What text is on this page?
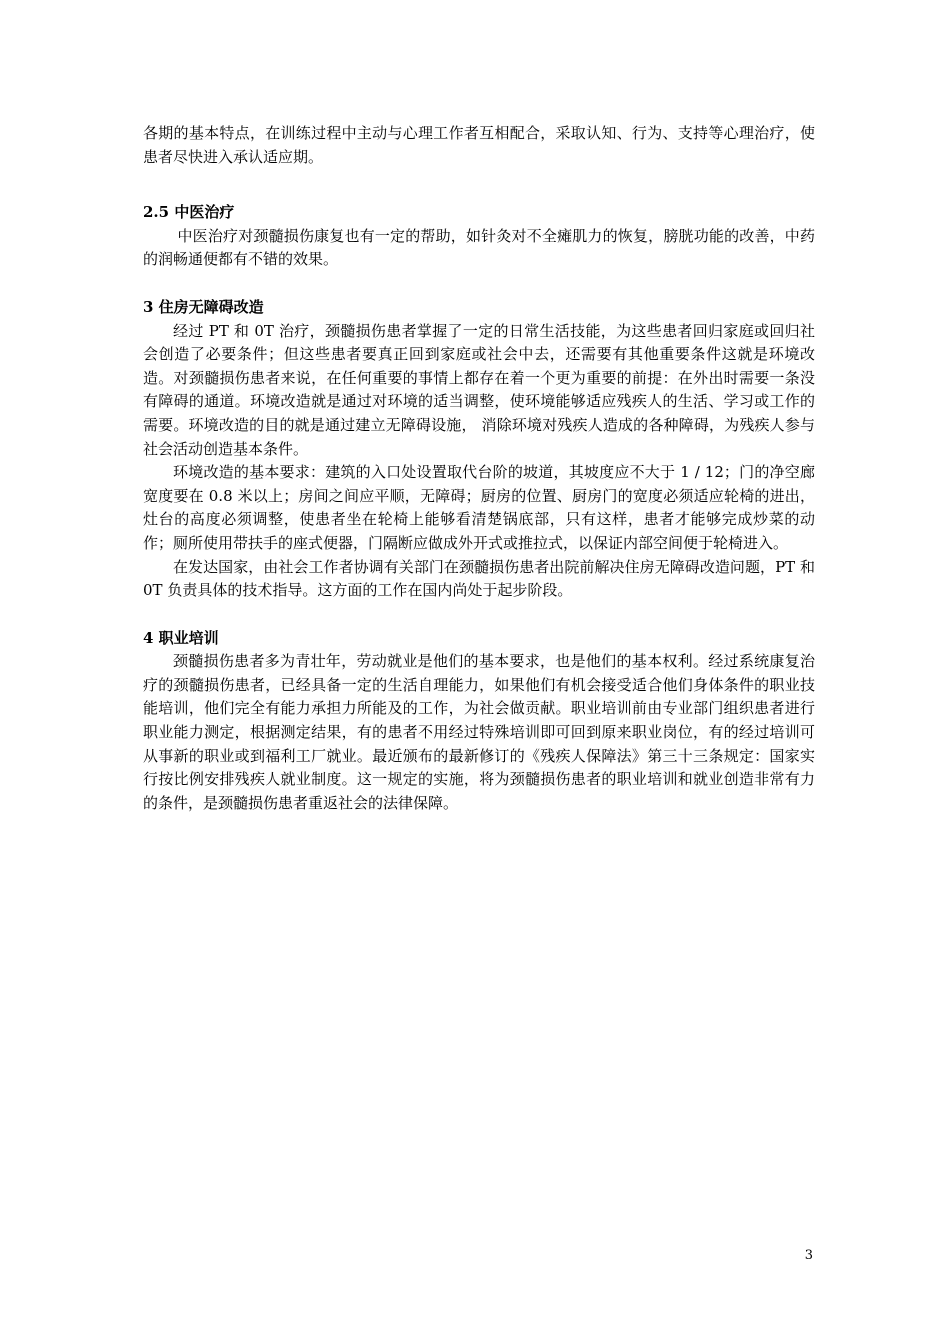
各期的基本特点，在训练过程中主动与心理工作者互相配合，采取认知、行为、支持等心理治疗，使患者尽快进入承认适应期。

2.5 中医治疗

中医治疗对颈髓损伤康复也有一定的帮助，如针灸对不全瘫肌力的恢复，膀胱功能的改善，中药的润畅通便都有不错的效果。

3 住房无障碍改造

经过 PT 和 0T 治疗，颈髓损伤患者掌握了一定的日常生活技能，为这些患者回归家庭或回归社会创造了必要条件；但这些患者要真正回到家庭或社会中去，还需要有其他重要条件这就是环境改造。对颈髓损伤患者来说，在任何重要的事情上都存在着一个更为重要的前提：在外出时需要一条没有障碍的通道。环境改造就是通过对环境的适当调整，使环境能够适应残疾人的生活、学习或工作的需要。环境改造的目的就是通过建立无障碍设施， 消除环境对残疾人造成的各种障碍，为残疾人参与社会活动创造基本条件。

环境改造的基本要求：建筑的入口处设置取代台阶的坡道，其坡度应不大于 1 / 12；门的净空廊宽度要在 0.8 米以上；房间之间应平顺，无障碍；厨房的位置、厨房门的宽度必须适应轮椅的进出，灶台的高度必须调整，使患者坐在轮椅上能够看清楚锅底部，只有这样，患者才能够完成炒菜的动作；厕所使用带扶手的座式便器，门隔断应做成外开式或推拉式，以保证内部空间便于轮椅进入。

在发达国家，由社会工作者协调有关部门在颈髓损伤患者出院前解决住房无障碍改造问题，PT 和 0T 负责具体的技术指导。这方面的工作在国内尚处于起步阶段。

4 职业培训

颈髓损伤患者多为青壮年，劳动就业是他们的基本要求，也是他们的基本权利。经过系统康复治疗的颈髓损伤患者，已经具备一定的生活自理能力，如果他们有机会接受适合他们身体条件的职业技能培训，他们完全有能力承担力所能及的工作，为社会做贡献。职业培训前由专业部门组织患者进行职业能力测定，根据测定结果，有的患者不用经过特殊培训即可回到原来职业岗位，有的经过培训可从事新的职业或到福利工厂就业。最近颁布的最新修订的《残疾人保障法》第三十三条规定：国家实行按比例安排残疾人就业制度。这一规定的实施，将为颈髓损伤患者的职业培训和就业创造非常有力的条件，是颈髓损伤患者重返社会的法律保障。

3
